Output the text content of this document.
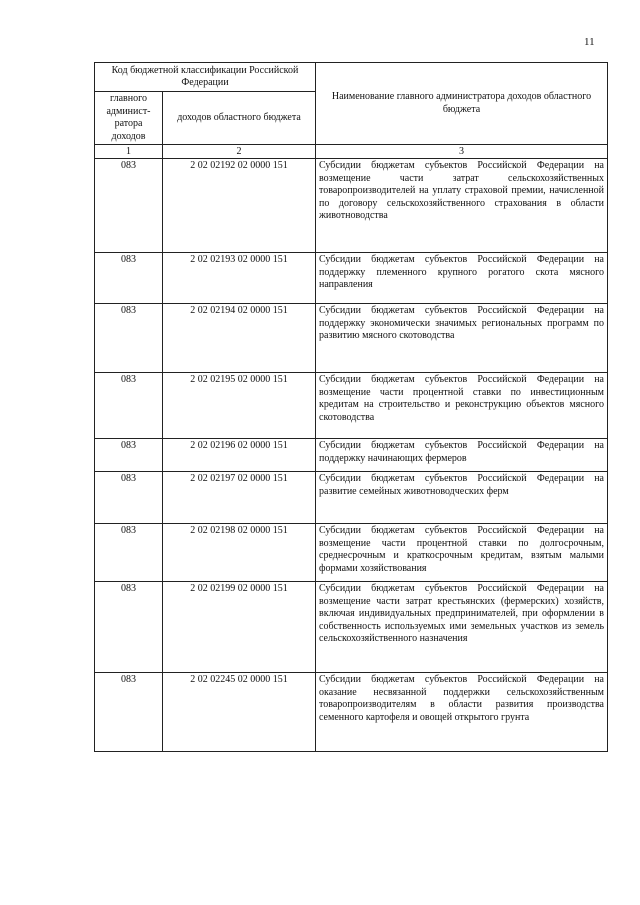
11
Код бюджетной классификации Российской Федерации		Наименование главного администратора доходов областного бюджета
главного админист-ратора доходов	доходов областного бюджета	
1	2	3
083	2 02 02192 02 0000 151	Субсидии бюджетам субъектов Российской Федерации на возмещение части затрат сельскохозяйственных товаропроизводителей на уплату страховой премии, начисленной по договору сельскохозяйственного страхования в области животноводства
083	2 02 02193 02 0000 151	Субсидии бюджетам субъектов Российской Федерации на поддержку племенного крупного рогатого скота мясного направления
083	2 02 02194 02 0000 151	Субсидии бюджетам субъектов Российской Федерации на поддержку экономически значимых региональных программ по развитию мясного скотоводства
083	2 02 02195 02 0000 151	Субсидии бюджетам субъектов Российской Федерации на возмещение части процентной ставки по инвестиционным кредитам на строительство и реконструкцию объектов мясного скотоводства
083	2 02 02196 02 0000 151	Субсидии бюджетам субъектов Российской Федерации на поддержку начинающих фермеров
083	2 02 02197 02 0000 151	Субсидии бюджетам субъектов Российской Федерации на развитие семейных животноводческих ферм
083	2 02 02198 02 0000 151	Субсидии бюджетам субъектов Российской Федерации на возмещение части процентной ставки по долгосрочным, среднесрочным и краткосрочным кредитам, взятым малыми формами хозяйствования
083	2 02 02199 02 0000 151	Субсидии бюджетам субъектов Российской Федерации на возмещение части затрат крестьянских (фермерских) хозяйств, включая индивидуальных предпринимателей, при оформлении в собственность используемых ими земельных участков из земель сельскохозяйственного назначения
083	2 02 02245 02 0000 151	Субсидии бюджетам субъектов Российской Федерации на оказание несвязанной поддержки сельскохозяйственным товаропроизводителям в области развития производства семенного картофеля и овощей открытого грунта
